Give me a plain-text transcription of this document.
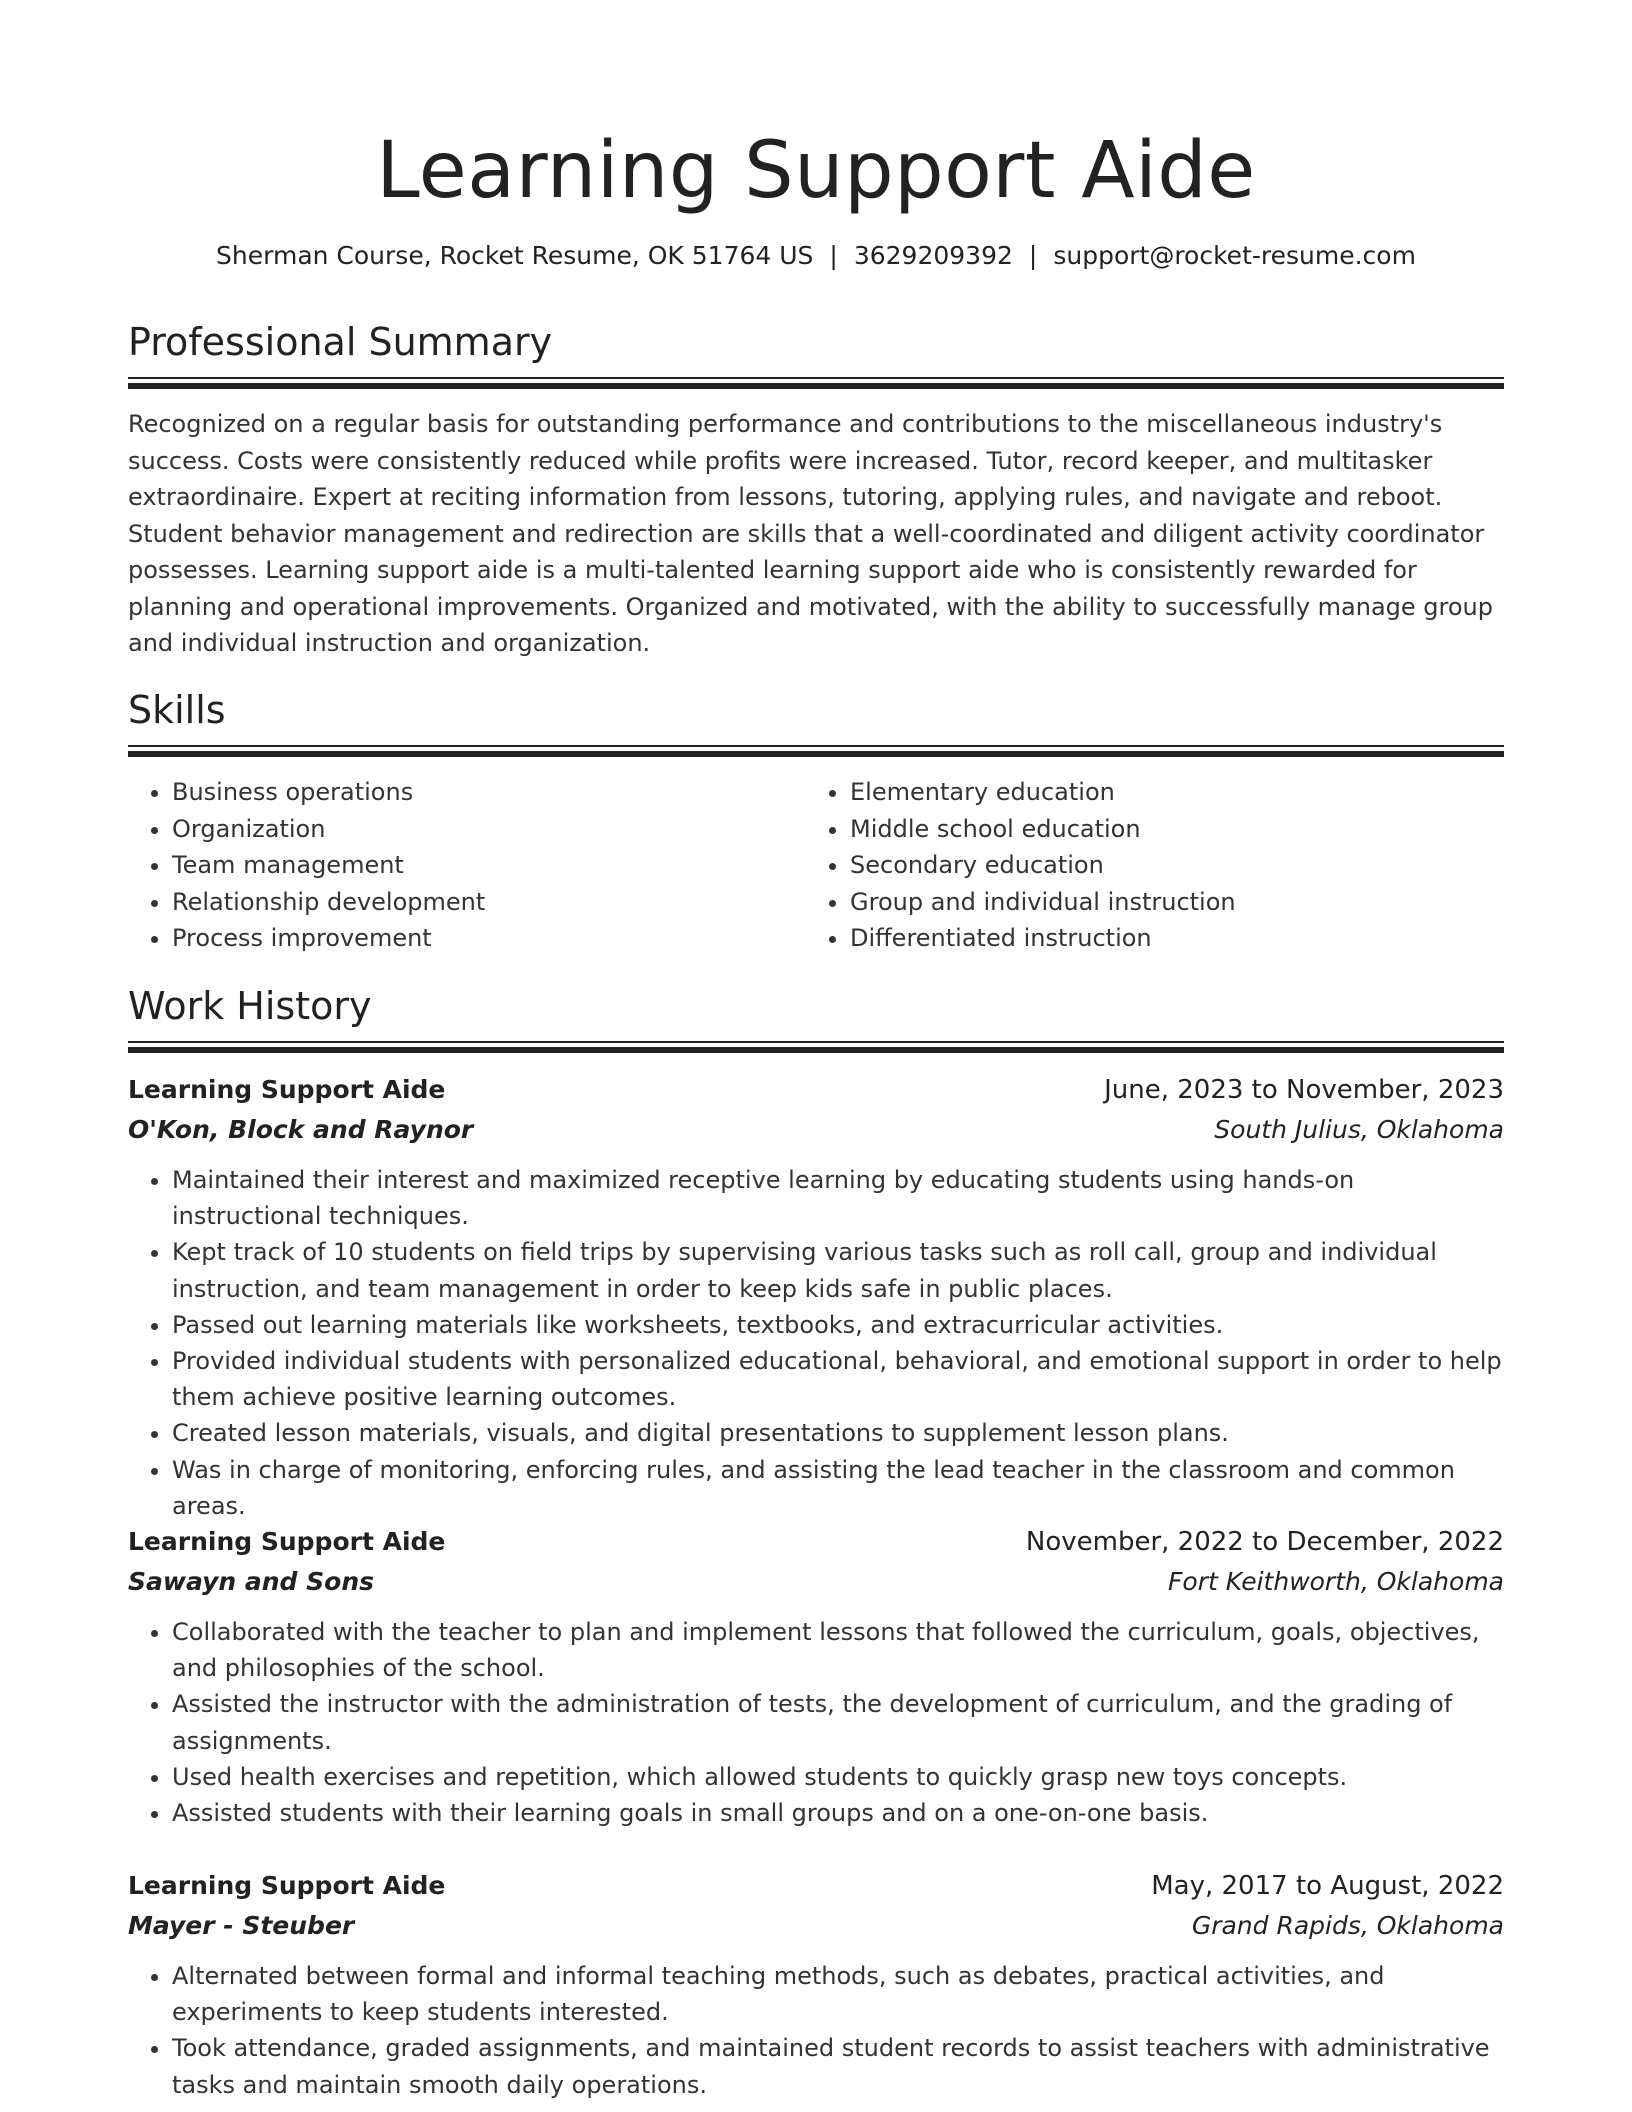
Learning Support Aide
Sherman Course, Rocket Resume, OK 51764 US | 3629209392 | support@rocket-resume.com
Professional Summary

Recognized on a regular basis for outstanding performance and contributions to the miscellaneous industry's success. Costs were consistently reduced while profits were increased. Tutor, record keeper, and multitasker extraordinaire. Expert at reciting information from lessons, tutoring, applying rules, and navigate and reboot. Student behavior management and redirection are skills that a well-coordinated and diligent activity coordinator possesses. Learning support aide is a multi-talented learning support aide who is consistently rewarded for planning and operational improvements. Organized and motivated, with the ability to successfully manage group and individual instruction and organization.

Skills
• Business operations
• Organization
• Team management
• Relationship development
• Process improvement
• Elementary education
• Middle school education
• Secondary education
• Group and individual instruction
• Differentiated instruction
Work History
Learning Support Aide	June, 2023 to November, 2023
O'Kon, Block and Raynor	South Julius, Oklahoma
• Maintained their interest and maximized receptive learning by educating students using hands-on instructional techniques.
• Kept track of 10 students on field trips by supervising various tasks such as roll call, group and individual instruction, and team management in order to keep kids safe in public places.
• Passed out learning materials like worksheets, textbooks, and extracurricular activities.
• Provided individual students with personalized educational, behavioral, and emotional support in order to help them achieve positive learning outcomes.
• Created lesson materials, visuals, and digital presentations to supplement lesson plans.
• Was in charge of monitoring, enforcing rules, and assisting the lead teacher in the classroom and common areas.
Learning Support Aide	November, 2022 to December, 2022
Sawayn and Sons	Fort Keithworth, Oklahoma
• Collaborated with the teacher to plan and implement lessons that followed the curriculum, goals, objectives, and philosophies of the school.
• Assisted the instructor with the administration of tests, the development of curriculum, and the grading of assignments.
• Used health exercises and repetition, which allowed students to quickly grasp new toys concepts.
• Assisted students with their learning goals in small groups and on a one-on-one basis.
Learning Support Aide	May, 2017 to August, 2022
Mayer - Steuber	Grand Rapids, Oklahoma
• Alternated between formal and informal teaching methods, such as debates, practical activities, and experiments to keep students interested.
• Took attendance, graded assignments, and maintained student records to assist teachers with administrative tasks and maintain smooth daily operations.
